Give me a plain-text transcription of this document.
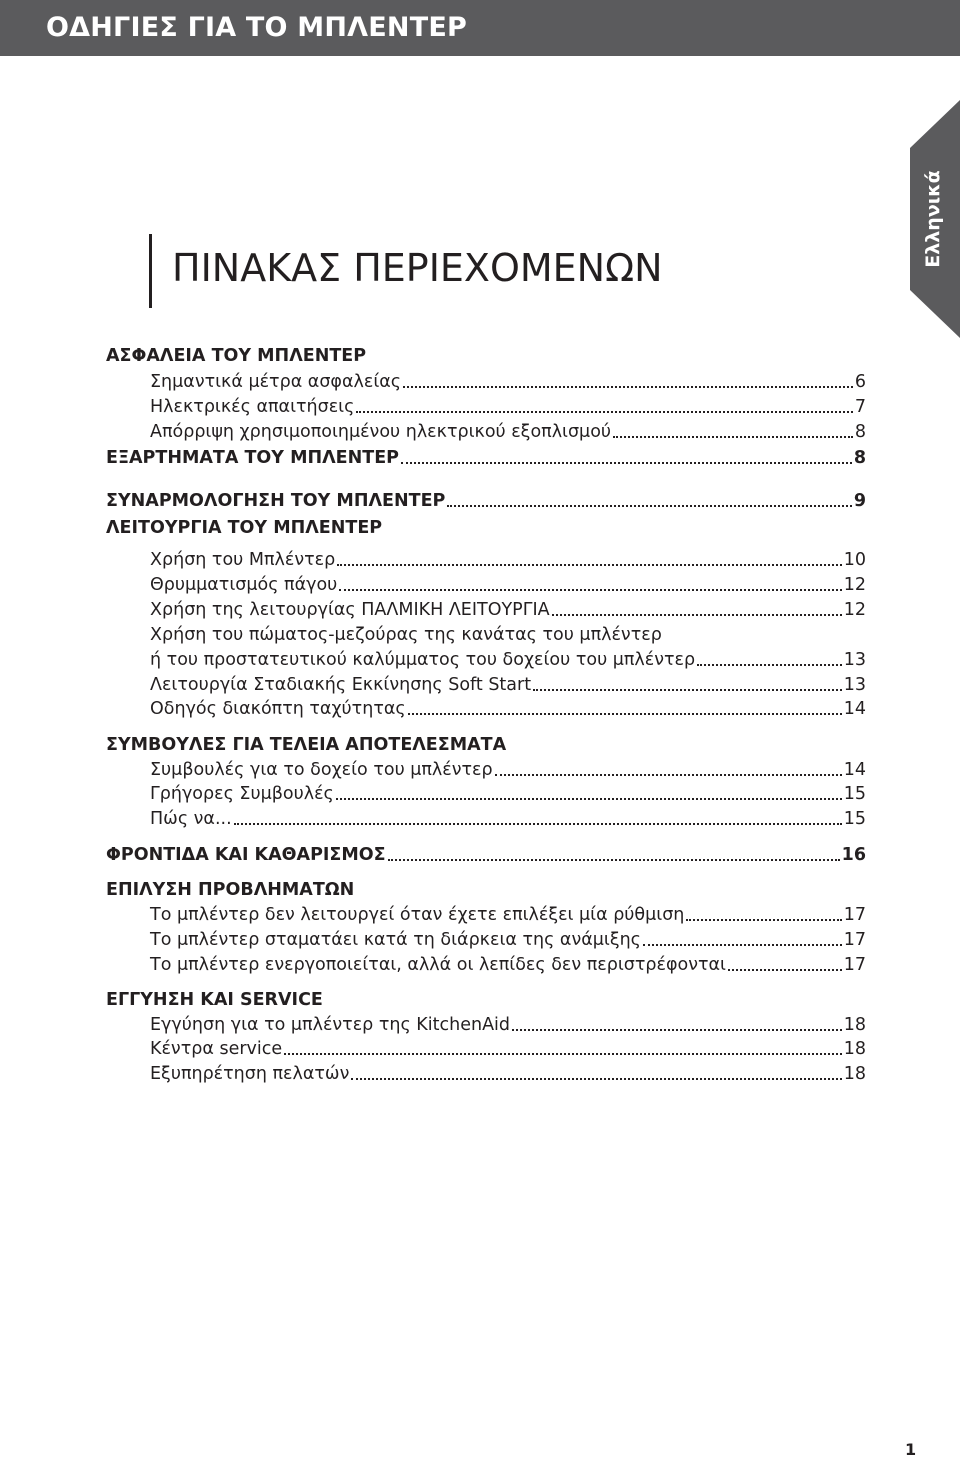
ΟΔΗΓΙΕΣ ΓΙΑ ΤΟ ΜΠΛΕΝΤΕΡ
Ελληνικά
ΠΙΝΑΚΑΣ ΠΕΡΙΕΧΟΜΕΝΩΝ
ΑΣΦΑΛΕΙΑ ΤΟΥ ΜΠΛΕΝΤΕΡ
Σημαντικά μέτρα ασφαλείας	6
Ηλεκτρικές απαιτήσεις	7
Απόρριψη χρησιμοποιημένου ηλεκτρικού εξοπλισμού	8
ΕΞΑΡΤΗΜΑΤΑ ΤΟΥ ΜΠΛΕΝΤΕΡ	8
ΣΥΝΑΡΜΟΛΟΓΗΣΗ ΤΟΥ ΜΠΛΕΝΤΕΡ	9
ΛΕΙΤΟΥΡΓΙΑ ΤΟΥ ΜΠΛΕΝΤΕΡ
Χρήση του Μπλέντερ	10
Θρυμματισμός πάγου	12
Χρήση της λειτουργίας ΠΑΛΜΙΚΗ ΛΕΙΤΟΥΡΓΙΑ	12
Χρήση του πώματος-μεζούρας της κανάτας του μπλέντερ
ή του προστατευτικού καλύμματος του δοχείου του μπλέντερ	13
Λειτουργία Σταδιακής Εκκίνησης Soft Start	13
Οδηγός διακόπτη ταχύτητας	14
ΣΥΜΒΟΥΛΕΣ ΓΙΑ ΤΕΛΕΙΑ ΑΠΟΤΕΛΕΣΜΑΤΑ
Συμβουλές για το δοχείο του μπλέντερ	14
Γρήγορες Συμβουλές	15
Πώς να...	15
ΦΡΟΝΤΙΔΑ ΚΑΙ ΚΑΘΑΡΙΣΜΟΣ	16
ΕΠΙΛΥΣΗ ΠΡΟΒΛΗΜΑΤΩΝ
Το μπλέντερ δεν λειτουργεί όταν έχετε επιλέξει μία ρύθμιση	17
Το μπλέντερ σταματάει κατά τη διάρκεια της ανάμιξης	17
Το μπλέντερ ενεργοποιείται, αλλά οι λεπίδες δεν περιστρέφονται	17
ΕΓΓΥΗΣΗ ΚΑΙ SERVICE
Εγγύηση για το μπλέντερ της KitchenAid	18
Κέντρα service	18
Εξυπηρέτηση πελατών	18
1
